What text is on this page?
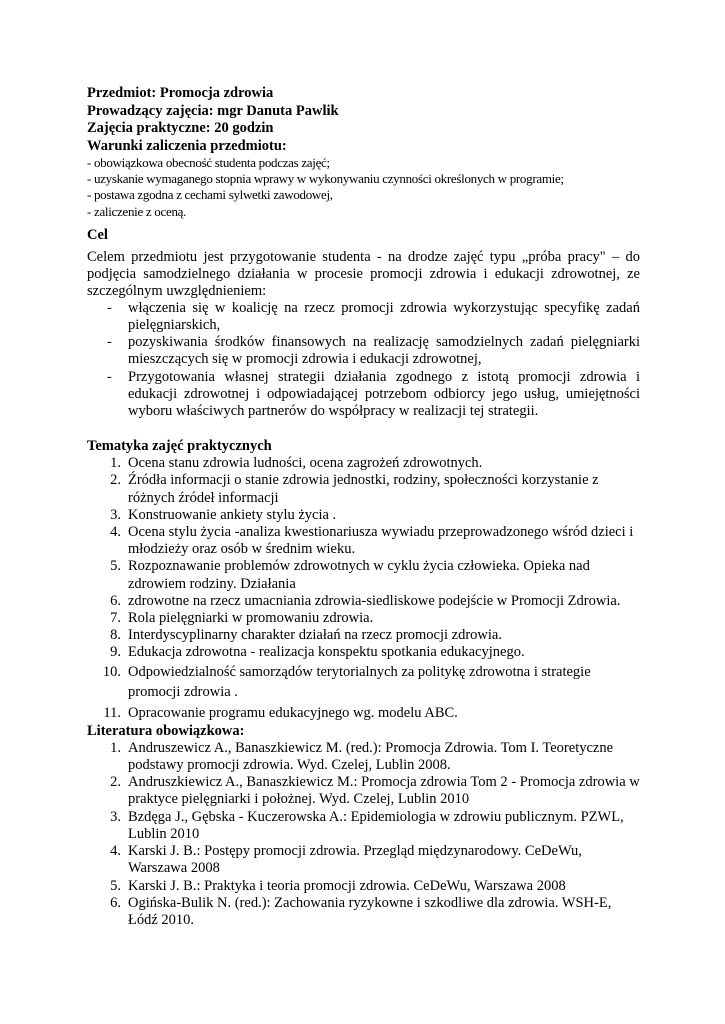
Przedmiot: Promocja zdrowia
Prowadzący zajęcia: mgr Danuta Pawlik
Zajęcia praktyczne: 20 godzin
Warunki zaliczenia przedmiotu:
- obowiązkowa obecność studenta podczas zajęć;
- uzyskanie wymaganego stopnia wprawy w wykonywaniu czynności określonych w programie;
- postawa zgodna z cechami sylwetki zawodowej,
- zaliczenie z oceną.
Cel
Celem przedmiotu jest przygotowanie studenta - na drodze zajęć typu „próba pracy" – do podjęcia samodzielnego działania w procesie promocji zdrowia i edukacji zdrowotnej, ze szczególnym uwzględnieniem:
- włączenia się w koalicję na rzecz promocji zdrowia wykorzystując specyfikę zadań pielęgniarskich,
- pozyskiwania środków finansowych na realizację samodzielnych zadań pielęgniarki mieszczących się w promocji zdrowia i edukacji zdrowotnej,
- Przygotowania własnej strategii działania zgodnego z istotą promocji zdrowia i edukacji zdrowotnej i odpowiadającej potrzebom odbiorcy jego usług, umiejętności wyboru właściwych partnerów do współpracy w realizacji tej strategii.
Tematyka zajęć praktycznych
1. Ocena stanu zdrowia ludności, ocena zagrożeń zdrowotnych.
2. Źródła informacji o stanie zdrowia jednostki, rodziny, społeczności korzystanie z różnych źródeł informacji
3. Konstruowanie ankiety stylu życia .
4. Ocena stylu życia -analiza kwestionariusza wywiadu przeprowadzonego wśród dzieci i młodzieży oraz osób w średnim wieku.
5. Rozpoznawanie problemów zdrowotnych w cyklu życia człowieka. Opieka nad zdrowiem rodziny. Działania
6. zdrowotne na rzecz umacniania zdrowia-siedliskowe podejście w Promocji Zdrowia.
7. Rola pielęgniarki w promowaniu zdrowia.
8. Interdyscyplinarny charakter działań na rzecz promocji zdrowia.
9. Edukacja zdrowotna - realizacja konspektu spotkania edukacyjnego.
10. Odpowiedzialność samorządów terytorialnych za politykę zdrowotna i strategie promocji zdrowia .
11. Opracowanie programu edukacyjnego wg. modelu ABC.
Literatura obowiązkowa:
1. Andruszewicz A., Banaszkiewicz M. (red.): Promocja Zdrowia. Tom I. Teoretyczne podstawy promocji zdrowia. Wyd. Czelej, Lublin 2008.
2. Andruszkiewicz A., Banaszkiewicz M.: Promocja zdrowia Tom 2 - Promocja zdrowia w praktyce pielęgniarki i położnej. Wyd. Czelej, Lublin 2010
3. Bzdęga J., Gębska - Kuczerowska A.: Epidemiologia w zdrowiu publicznym. PZWL, Lublin 2010
4. Karski J. B.: Postępy promocji zdrowia. Przegląd międzynarodowy. CeDeWu, Warszawa 2008
5. Karski J. B.: Praktyka i teoria promocji zdrowia. CeDeWu, Warszawa 2008
6. Ogińska-Bulik N. (red.): Zachowania ryzykowne i szkodliwe dla zdrowia. WSH-E, Łódź 2010.
